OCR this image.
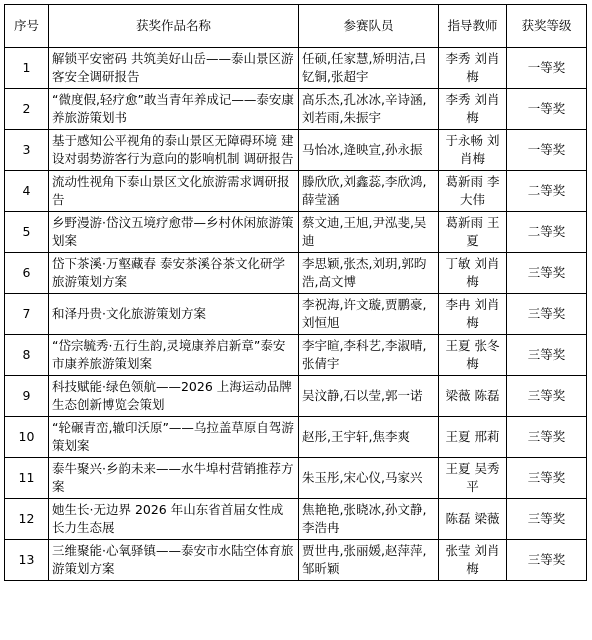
序号	获奖作品名称	参赛队员	指导教师	获奖等级
1	解锁平安密码 共筑美好山岳——泰山景区游客安全调研报告	任硕,任家慧,矫明洁,吕钇铜,张超宇	李秀 刘肖梅	一等奖
2	“微度假,轻疗愈”敢当青年养成记——泰安康养旅游策划书	高乐杰,孔冰冰,辛诗涵,刘若雨,朱振宇	李秀 刘肖梅	一等奖
3	基于感知公平视角的泰山景区无障碍环境 建设对弱势游客行为意向的影响机制 调研报告	马怡冰,逄映宣,孙永振	于永畅 刘肖梅	一等奖
4	流动性视角下泰山景区文化旅游需求调研报告	滕欣欣,刘鑫蕊,李欣鸿,薛莹涵	葛新雨 李大伟	二等奖
5	乡野漫游·岱汶五境疗愈带—乡村休闲旅游策划案	蔡文迪,王旭,尹泓斐,吴迪	葛新雨 王夏	二等奖
6	岱下茶溪·万壑藏春 泰安茶溪谷茶文化研学旅游策划方案	李思颖,张杰,刘玥,郭昀浩,高文博	丁敏 刘肖梅	三等奖
7	和泽丹贵·文化旅游策划方案	李祝海,许文璇,贾鹏豪,刘恒旭	李冉 刘肖梅	三等奖
8	“岱宗毓秀·五行生韵,灵境康养启新章”泰安市康养旅游策划案	李宇暄,李科艺,李淑晴,张倩宇	王夏 张冬梅	三等奖
9	科技赋能·绿色领航——2026 上海运动品牌生态创新博览会策划	吴汶静,石以莹,郭一诺	梁薇 陈磊	三等奖
10	“轮碾青峦,辙印沃原”——乌拉盖草原自驾游策划案	赵彤,王宇轩,焦李爽	王夏 邢莉	三等奖
11	泰牛聚兴·乡韵未来——水牛埠村营销推荐方案	朱玉彤,宋心仪,马家兴	王夏 吴秀平	三等奖
12	她生长·无边界 2026 年山东省首届女性成长力生态展	焦艳艳,张晓冰,孙文静,李浩冉	陈磊 梁薇	三等奖
13	三维聚能·心氧驿镇——泰安市水陆空体育旅游策划方案	贾世冉,张丽媛,赵萍萍,邹昕颖	张莹 刘肖梅	三等奖
